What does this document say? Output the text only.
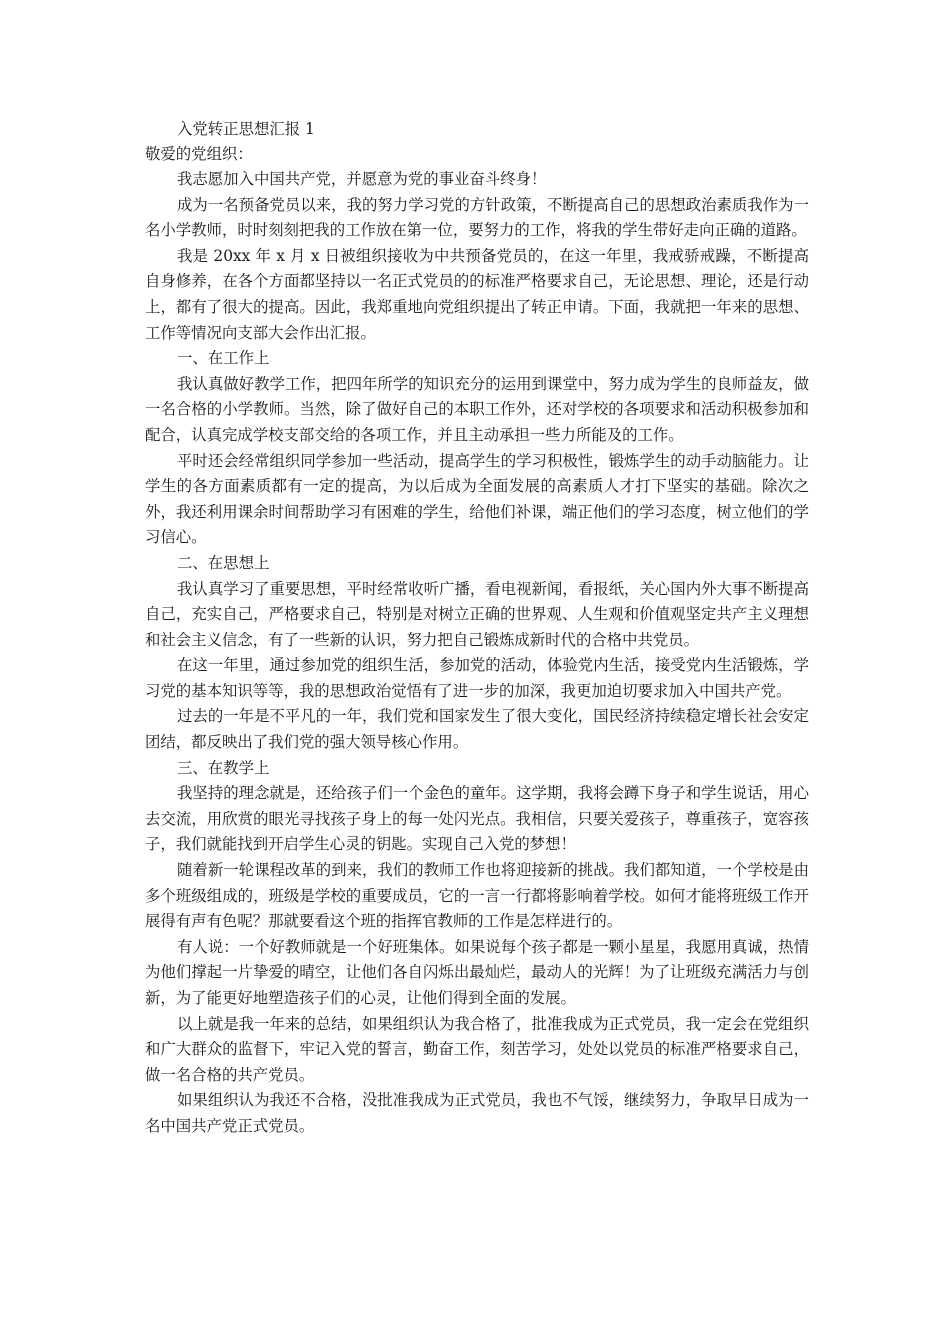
入党转正思想汇报 1

敬爱的党组织：

我志愿加入中国共产党，并愿意为党的事业奋斗终身！

成为一名预备党员以来，我的努力学习党的方针政策，不断提高自己的思想政治素质我作为一名小学教师，时时刻刻把我的工作放在第一位，要努力的工作，将我的学生带好走向正确的道路。

我是 20xx 年 x 月 x 日被组织接收为中共预备党员的，在这一年里，我戒骄戒躁，不断提高自身修养，在各个方面都坚持以一名正式党员的的标准严格要求自己，无论思想、理论，还是行动上，都有了很大的提高。因此，我郑重地向党组织提出了转正申请。下面，我就把一年来的思想、工作等情况向支部大会作出汇报。

一、在工作上

我认真做好教学工作，把四年所学的知识充分的运用到课堂中，努力成为学生的良师益友，做一名合格的小学教师。当然，除了做好自己的本职工作外，还对学校的各项要求和活动积极参加和配合，认真完成学校支部交给的各项工作，并且主动承担一些力所能及的工作。

平时还会经常组织同学参加一些活动，提高学生的学习积极性，锻炼学生的动手动脑能力。让学生的各方面素质都有一定的提高，为以后成为全面发展的高素质人才打下坚实的基础。除次之外，我还利用课余时间帮助学习有困难的学生，给他们补课，端正他们的学习态度，树立他们的学习信心。

二、在思想上

我认真学习了重要思想，平时经常收听广播，看电视新闻，看报纸，关心国内外大事不断提高自己，充实自己，严格要求自己，特别是对树立正确的世界观、人生观和价值观坚定共产主义理想和社会主义信念，有了一些新的认识，努力把自己锻炼成新时代的合格中共党员。

在这一年里，通过参加党的组织生活，参加党的活动，体验党内生活，接受党内生活锻炼，学习党的基本知识等等，我的思想政治觉悟有了进一步的加深，我更加迫切要求加入中国共产党。

过去的一年是不平凡的一年，我们党和国家发生了很大变化，国民经济持续稳定增长社会安定团结，都反映出了我们党的强大领导核心作用。

三、在教学上

我坚持的理念就是，还给孩子们一个金色的童年。这学期，我将会蹲下身子和学生说话，用心去交流，用欣赏的眼光寻找孩子身上的每一处闪光点。我相信，只要关爱孩子，尊重孩子，宽容孩子，我们就能找到开启学生心灵的钥匙。实现自己入党的梦想！

随着新一轮课程改革的到来，我们的教师工作也将迎接新的挑战。我们都知道，一个学校是由多个班级组成的，班级是学校的重要成员，它的一言一行都将影响着学校。如何才能将班级工作开展得有声有色呢？那就要看这个班的指挥官教师的工作是怎样进行的。

有人说：一个好教师就是一个好班集体。如果说每个孩子都是一颗小星星，我愿用真诚，热情为他们撑起一片挚爱的晴空，让他们各自闪烁出最灿烂，最动人的光辉！为了让班级充满活力与创新，为了能更好地塑造孩子们的心灵，让他们得到全面的发展。

以上就是我一年来的总结，如果组织认为我合格了，批准我成为正式党员，我一定会在党组织和广大群众的监督下，牢记入党的誓言，勤奋工作，刻苦学习，处处以党员的标准严格要求自己，做一名合格的共产党员。

如果组织认为我还不合格，没批准我成为正式党员，我也不气馁，继续努力，争取早日成为一名中国共产党正式党员。
